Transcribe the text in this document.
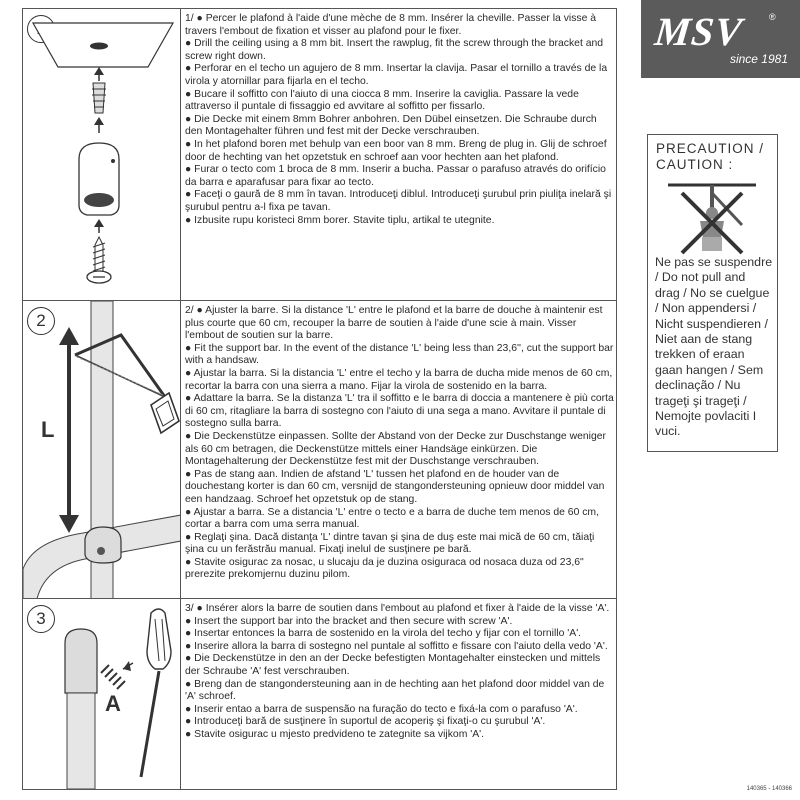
1/ ● Percer le plafond à l'aide d'une mèche de 8 mm. Insérer la cheville. Passer la visse à travers l'embout de fixation et visser au plafond pour le fixer.

● Drill the ceiling using a 8 mm bit. Insert the rawplug, fit the screw through the bracket and screw right down.

● Perforar en el techo un agujero de 8 mm. Insertar la clavija. Pasar el tornillo a través de la virola y atornillar para fijarla en el techo.

● Bucare il soffitto con l'aiuto di una ciocca 8 mm. Inserire la caviglia. Passare la vede attraverso il puntale di fissaggio ed avvitare al soffitto per fissarlo.

● Die Decke mit einem 8mm Bohrer anbohren. Den Dübel einsetzen. Die Schraube durch den Montagehalter führen und fest mit der Decke verschrauben.

● In het plafond boren met behulp van een boor van 8 mm. Breng de plug in. Glij de schroef door de hechting van het opzetstuk en schroef aan voor hechten aan het plafond.

● Furar o tecto com 1 broca de 8 mm. Inserir a bucha. Passar o parafuso através do orifício da barra e aparafusar para fixar ao tecto.

● Faceţi o gaură de 8 mm în tavan. Introduceţi diblul. Introduceţi şurubul prin piuliţa inelară şi şurubul pentru a-l fixa pe tavan.

● Izbusite rupu koristeci 8mm borer. Stavite tiplu, artikal te utegnite.

2
L

2/ ● Ajuster la barre. Si la distance 'L' entre le plafond et la barre de douche à maintenir est plus courte que 60 cm, recouper la barre de soutien à l'aide d'une scie à main. Visser l'embout de soutien sur la barre.

● Fit the support bar. In the event of the distance 'L' being less than 23,6'', cut the support bar with a handsaw.

● Ajustar la barra. Si la distancia 'L' entre el techo y la barra de ducha mide menos de 60 cm, recortar la barra con una sierra a mano. Fijar la virola de sostenido en la barra.

● Adattare la barra. Se la distanza 'L' tra il soffitto e le barra di doccia a mantenere è più corta di 60 cm, ritagliare la barra di sostegno con l'aiuto di una sega a mano. Avvitare il puntale di sostegno sulla barra.

● Die Deckenstütze einpassen. Sollte der Abstand von der Decke zur Duschstange weniger als 60 cm betragen, die Deckenstütze mittels einer Handsäge einkürzen. Die Montagehalterung der Deckenstütze fest mit der Duschstange verschrauben.

● Pas de stang aan. Indien de afstand 'L' tussen het plafond en de houder van de douchestang korter is dan 60 cm, versnijd de stangondersteuning opnieuw door middel van een handzaag. Schroef het opzetstuk op de stang.

● Ajustar a barra. Se a distancia 'L' entre o tecto e a barra de duche tem menos de 60 cm, cortar a barra com uma serra manual.

● Reglaţi şina. Dacă distanţa 'L' dintre tavan şi şina de duş este mai mică de 60 cm, tăiaţi şina cu un ferăstrău manual. Fixaţi inelul de susţinere pe bară.

● Stavite osigurac za nosac, u slucaju da je duzina osiguraca od nosaca duza od 23,6" prerezite prekomjernu duzinu pilom.

3
A

3/ ● Insérer alors la barre de soutien dans l'embout au plafond et fixer à l'aide de la visse 'A'.

● Insert the support bar into the bracket and then secure with screw 'A'.

● Insertar entonces la barra de sostenido en la virola del techo y fijar con el tornillo 'A'.

● Inserire allora la barra di sostegno nel puntale al soffitto e fissare con l'aiuto della vedo 'A'.

● Die Deckenstütze in den an der Decke befestigten Montagehalter einstecken und mittels der Schraube 'A' fest verschrauben.

● Breng dan de stangondersteuning aan in de hechting aan het plafond door middel van de 'A' schroef.

● Inserir entao a barra de suspensão na furação do tecto e fixá-la com o parafuso 'A'.

● Introduceţi bară de susţinere în suportul de acoperiş şi fixaţi-o cu şurubul 'A'.

● Stavite osigurac u mjesto predvideno te zategnite sa vijkom 'A'.

MSV	®
since 1981
PRECAUTION / CAUTION :
Ne pas se suspendre / Do not pull and drag / No se cuelgue / Non appendersi / Nicht suspendieren / Niet aan de stang trekken of eraan gaan hangen / Sem declinação / Nu trageţi şi trageţi / Nemojte povlaciti I vuci.
140365 - 140366
